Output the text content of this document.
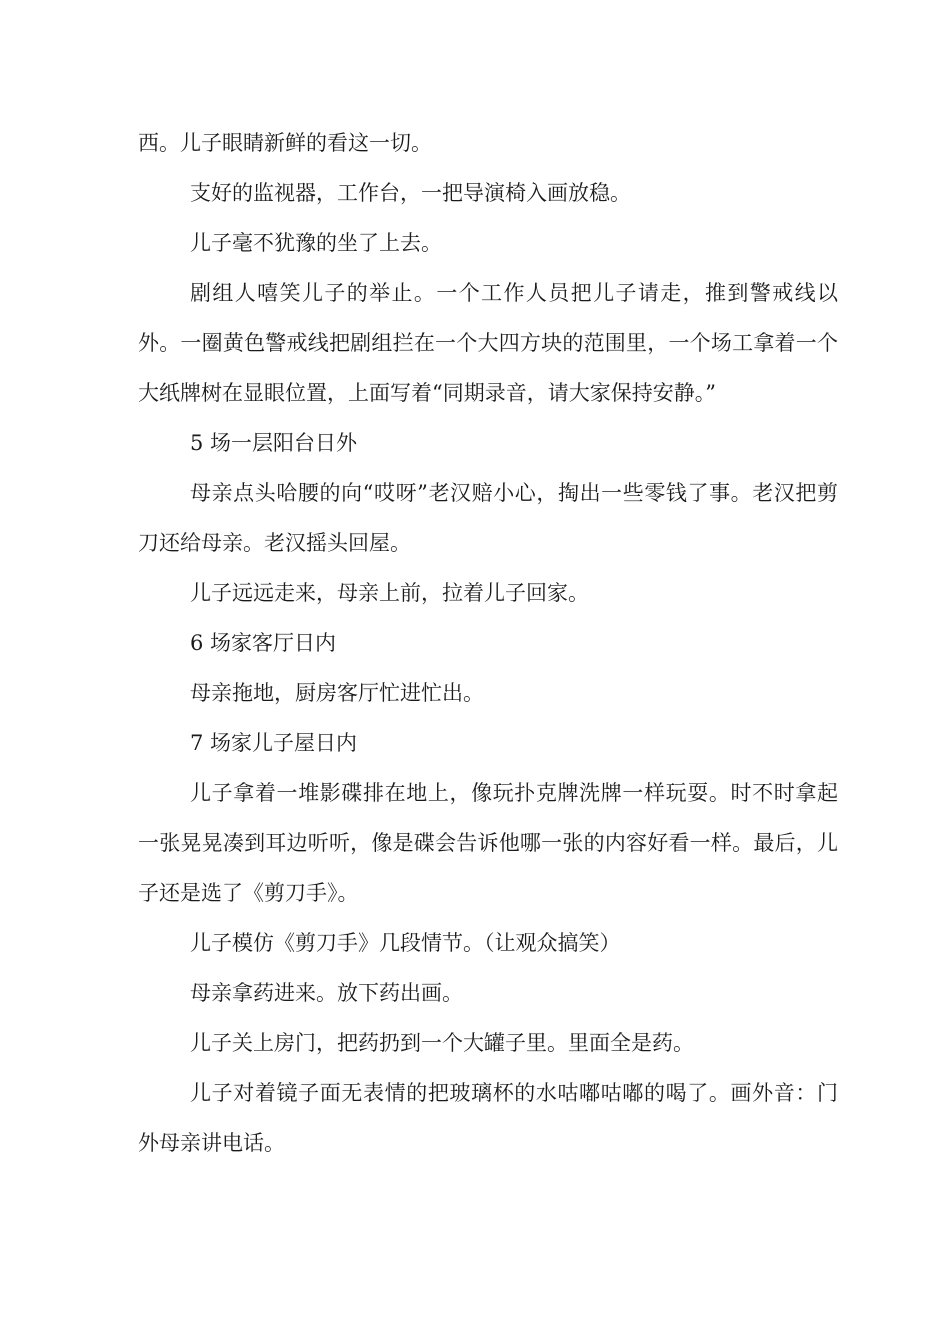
西。儿子眼睛新鲜的看这一切。

支好的监视器，工作台，一把导演椅入画放稳。

儿子毫不犹豫的坐了上去。

剧组人嘻笑儿子的举止。一个工作人员把儿子请走，推到警戒线以外。一圈黄色警戒线把剧组拦在一个大四方块的范围里，一个场工拿着一个大纸牌树在显眼位置，上面写着“同期录音，请大家保持安静。”

5 场一层阳台日外

母亲点头哈腰的向“哎呀”老汉赔小心，掏出一些零钱了事。老汉把剪刀还给母亲。老汉摇头回屋。

儿子远远走来，母亲上前，拉着儿子回家。

6 场家客厅日内

母亲拖地，厨房客厅忙进忙出。

7 场家儿子屋日内

儿子拿着一堆影碟排在地上，像玩扑克牌洗牌一样玩耍。时不时拿起一张晃晃凑到耳边听听，像是碟会告诉他哪一张的内容好看一样。最后，儿子还是选了《剪刀手》。

儿子模仿《剪刀手》几段情节。（让观众搞笑）

母亲拿药进来。放下药出画。

儿子关上房门，把药扔到一个大罐子里。里面全是药。

儿子对着镜子面无表情的把玻璃杯的水咕嘟咕嘟的喝了。画外音：门外母亲讲电话。
